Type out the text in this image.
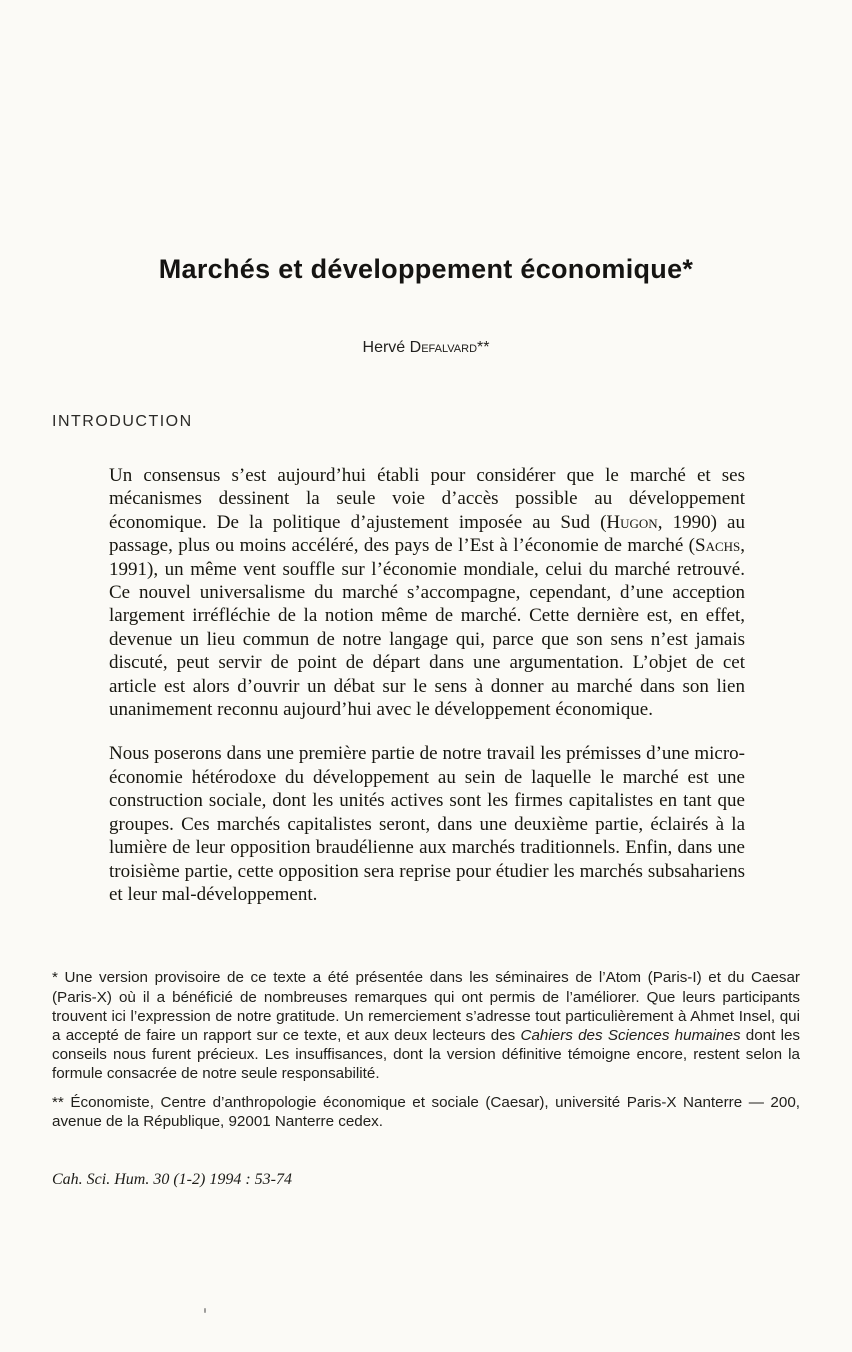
Marchés et développement économique*
Hervé Defalvard**
INTRODUCTION

Un consensus s’est aujourd’hui établi pour considérer que le marché et ses mécanismes dessinent la seule voie d’accès possible au développement économique. De la politique d’ajustement imposée au Sud (Hugon, 1990) au passage, plus ou moins accéléré, des pays de l’Est à l’économie de marché (Sachs, 1991), un même vent souffle sur l’économie mondiale, celui du marché retrouvé. Ce nouvel universalisme du marché s’accompagne, cependant, d’une acception largement irréfléchie de la notion même de marché. Cette dernière est, en effet, devenue un lieu commun de notre langage qui, parce que son sens n’est jamais discuté, peut servir de point de départ dans une argumentation. L’objet de cet article est alors d’ouvrir un débat sur le sens à donner au marché dans son lien unanimement reconnu aujourd’hui avec le développement économique.

Nous poserons dans une première partie de notre travail les prémisses d’une micro-économie hétérodoxe du développement au sein de laquelle le marché est une construction sociale, dont les unités actives sont les firmes capitalistes en tant que groupes. Ces marchés capitalistes seront, dans une deuxième partie, éclairés à la lumière de leur opposition braudélienne aux marchés traditionnels. Enfin, dans une troisième partie, cette opposition sera reprise pour étudier les marchés subsahariens et leur mal-développement.

* Une version provisoire de ce texte a été présentée dans les séminaires de l’Atom (Paris-I) et du Caesar (Paris-X) où il a bénéficié de nombreuses remarques qui ont permis de l’améliorer. Que leurs participants trouvent ici l’expression de notre gratitude. Un remerciement s’adresse tout particulièrement à Ahmet Insel, qui a accepté de faire un rapport sur ce texte, et aux deux lecteurs des Cahiers des Sciences humaines dont les conseils nous furent précieux. Les insuffisances, dont la version définitive témoigne encore, restent selon la formule consacrée de notre seule responsabilité.

** Économiste, Centre d’anthropologie économique et sociale (Caesar), université Paris-X Nanterre — 200, avenue de la République, 92001 Nanterre cedex.

Cah. Sci. Hum. 30 (1-2) 1994 : 53-74
